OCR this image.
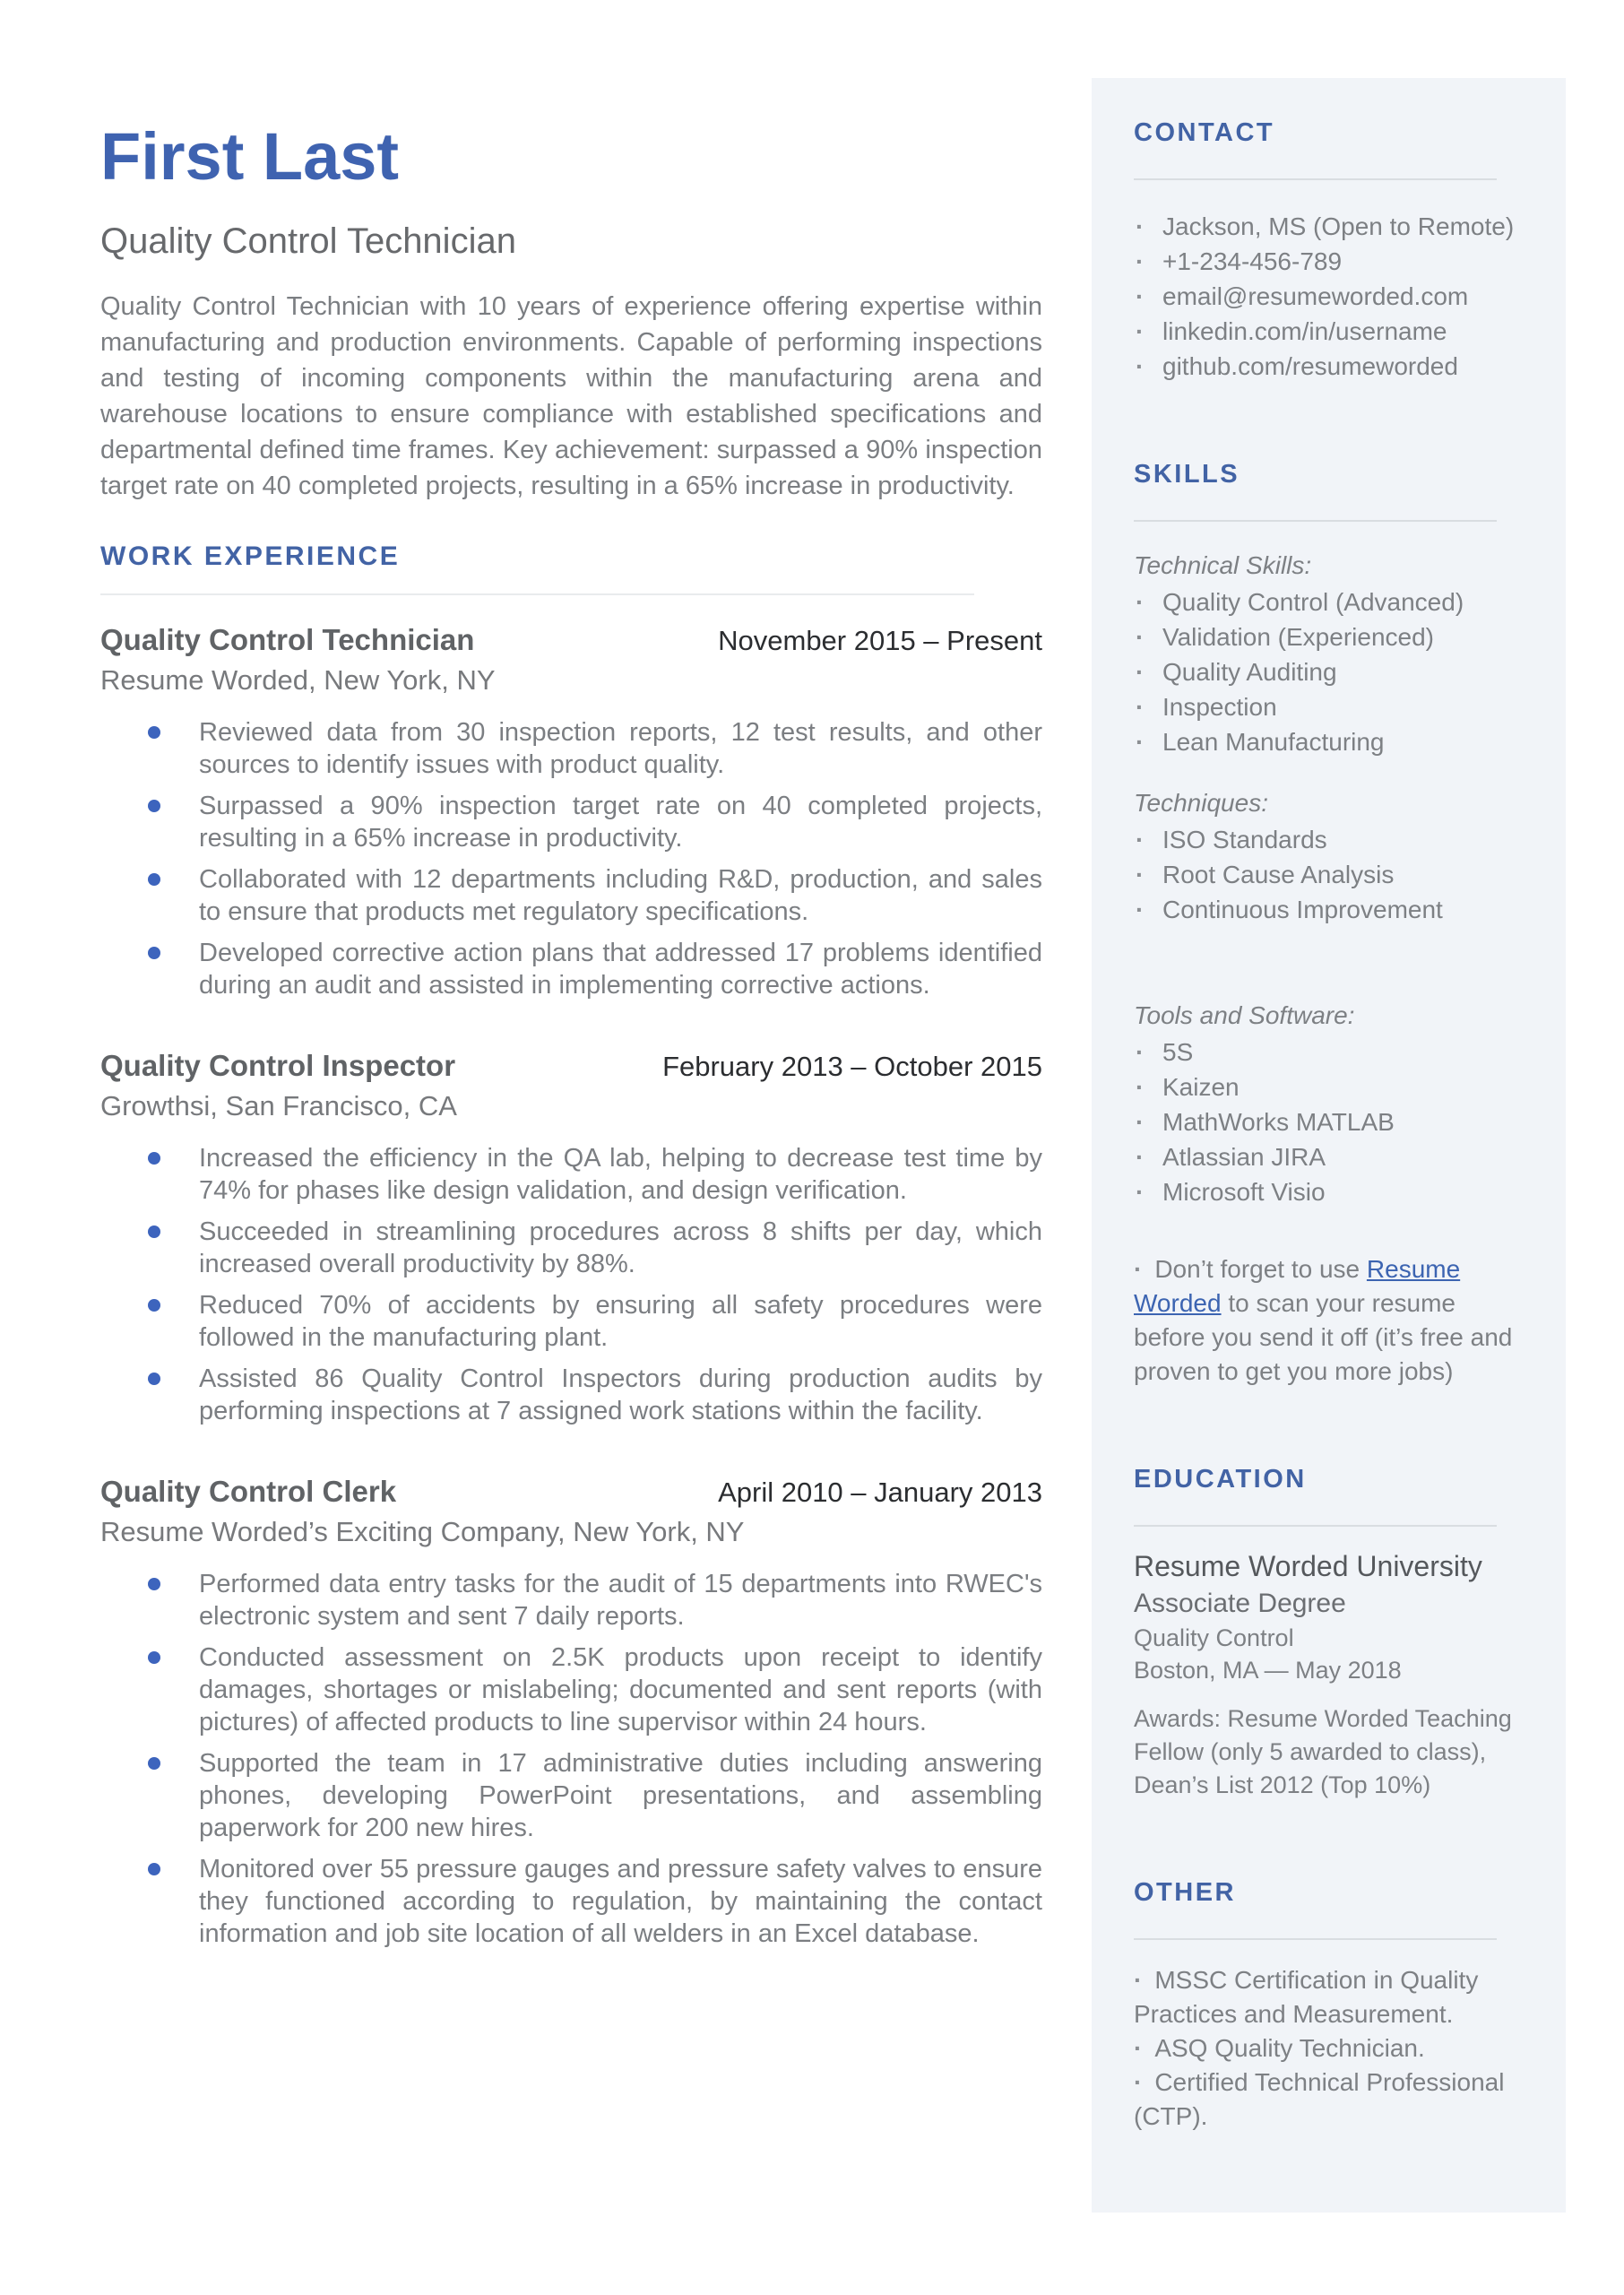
First Last
Quality Control Technician

Quality Control Technician with 10 years of experience offering expertise within manufacturing and production environments. Capable of performing inspections and testing of incoming components within the manufacturing arena and warehouse locations to ensure compliance with established specifications and departmental defined time frames. Key achievement: surpassed a 90% inspection target rate on 40 completed projects, resulting in a 65% increase in productivity.

WORK EXPERIENCE
Quality Control Technician	November 2015 – Present
Resume Worded, New York, NY
Reviewed data from 30 inspection reports, 12 test results, and other sources to identify issues with product quality.
Surpassed a 90% inspection target rate on 40 completed projects, resulting in a 65% increase in productivity.
Collaborated with 12 departments including R&D, production, and sales to ensure that products met regulatory specifications.
Developed corrective action plans that addressed 17 problems identified during an audit and assisted in implementing corrective actions.
Quality Control Inspector	February 2013 – October 2015
Growthsi, San Francisco, CA
Increased the efficiency in the QA lab, helping to decrease test time by 74% for phases like design validation, and design verification.
Succeeded in streamlining procedures across 8 shifts per day, which increased overall productivity by 88%.
Reduced 70% of accidents by ensuring all safety procedures were followed in the manufacturing plant.
Assisted 86 Quality Control Inspectors during production audits by performing inspections at 7 assigned work stations within the facility.
Quality Control Clerk	April 2010 – January 2013
Resume Worded’s Exciting Company, New York, NY
Performed data entry tasks for the audit of 15 departments into RWEC's electronic system and sent 7 daily reports.
Conducted assessment on 2.5K products upon receipt to identify damages, shortages or mislabeling; documented and sent reports (with pictures) of affected products to line supervisor within 24 hours.
Supported the team in 17 administrative duties including answering phones, developing PowerPoint presentations, and assembling paperwork for 200 new hires.
Monitored over 55 pressure gauges and pressure safety valves to ensure they functioned according to regulation, by maintaining the contact information and job site location of all welders in an Excel database.
CONTACT
· Jackson, MS (Open to Remote)
· +1-234-456-789
· email@resumeworded.com
· linkedin.com/in/username
· github.com/resumeworded
SKILLS

Technical Skills:

· Quality Control (Advanced)
· Validation (Experienced)
· Quality Auditing
· Inspection
· Lean Manufacturing

Techniques:

· ISO Standards
· Root Cause Analysis
· Continuous Improvement

Tools and Software:

· 5S
· Kaizen
· MathWorks MATLAB
· Atlassian JIRA
· Microsoft Visio

· Don’t forget to use Resume Worded to scan your resume before you send it off (it’s free and proven to get you more jobs)

EDUCATION

Resume Worded University

Associate Degree

Quality Control

Boston, MA — May 2018

Awards: Resume Worded Teaching Fellow (only 5 awarded to class), Dean’s List 2012 (Top 10%)

OTHER

· MSSC Certification in Quality Practices and Measurement.

· ASQ Quality Technician.

· Certified Technical Professional (CTP).
